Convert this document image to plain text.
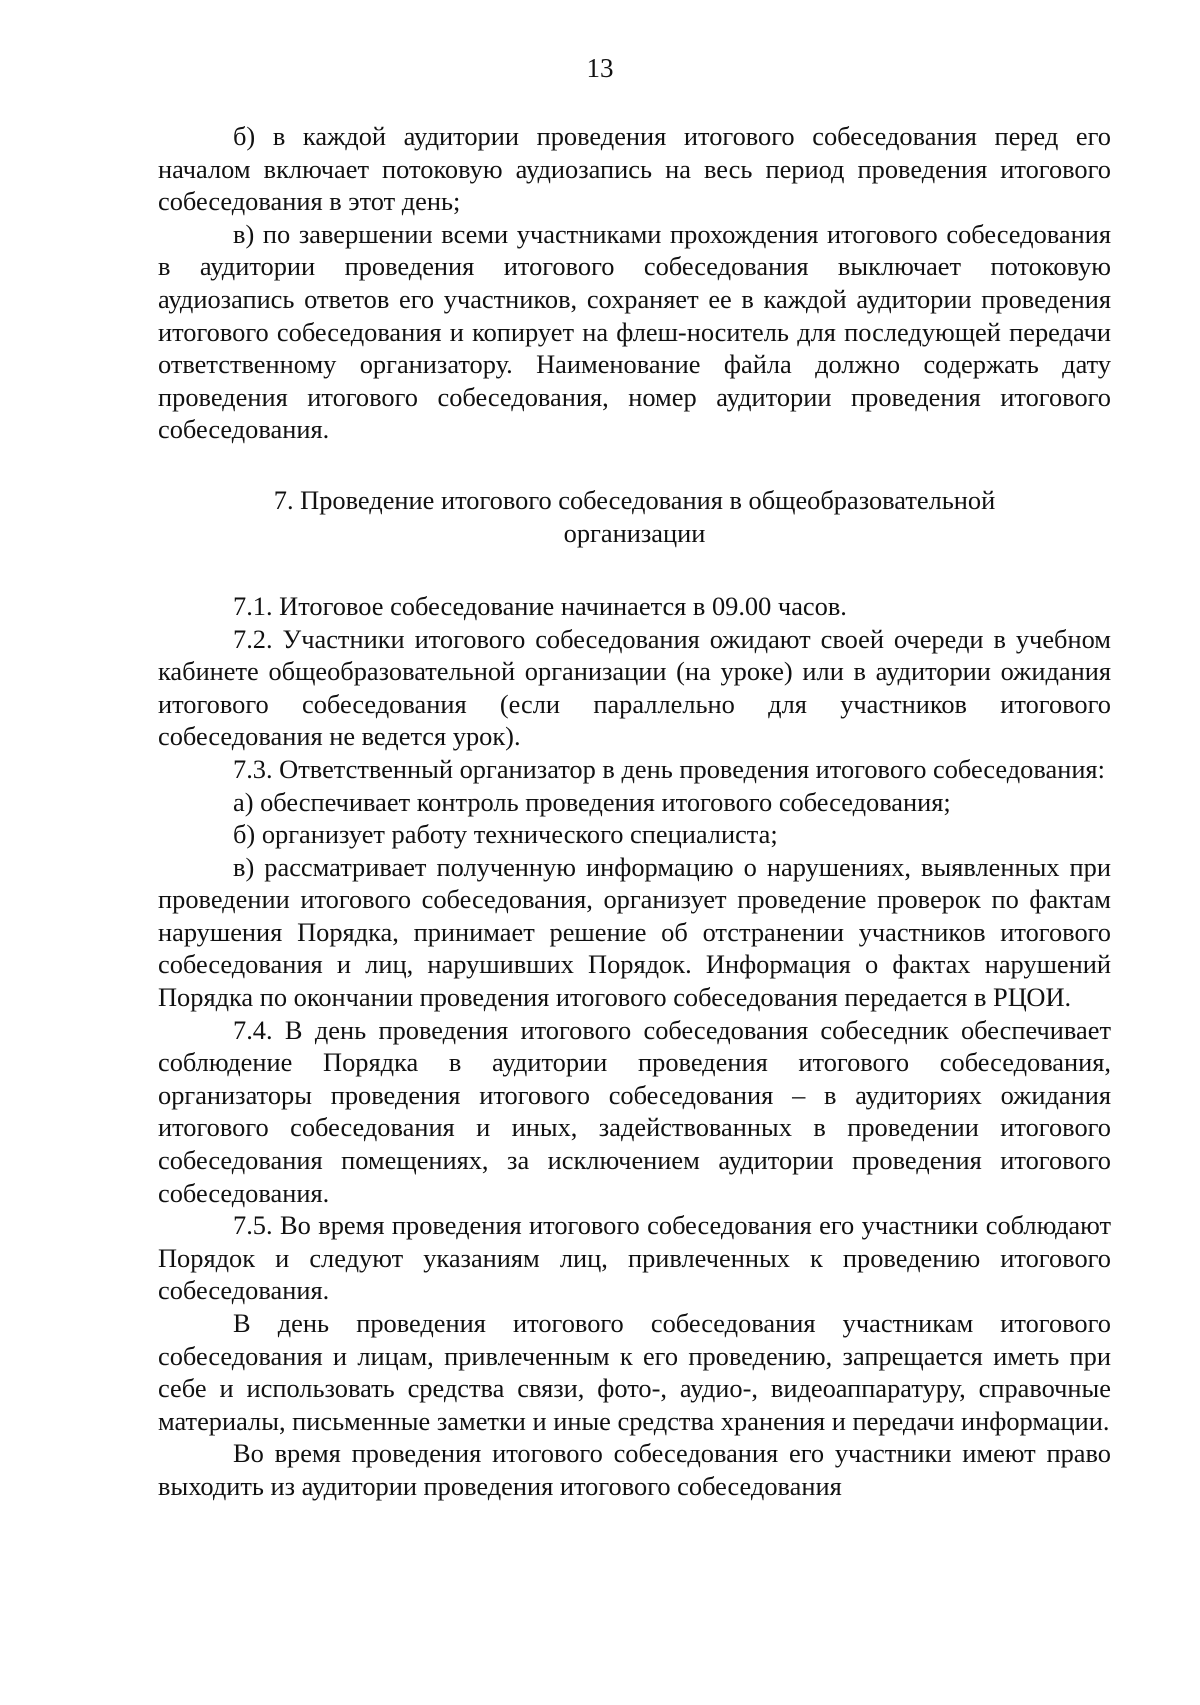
13

б) в каждой аудитории проведения итогового собеседования перед его началом включает потоковую аудиозапись на весь период проведения итогового собеседования в этот день;

в) по завершении всеми участниками прохождения итогового собеседования в аудитории проведения итогового собеседования выключает потоковую аудиозапись ответов его участников, сохраняет ее в каждой аудитории проведения итогового собеседования и копирует на флеш-носитель для последующей передачи ответственному организатору. Наименование файла должно содержать дату проведения итогового собеседования, номер аудитории проведения итогового собеседования.

7. Проведение итогового собеседования в общеобразовательной организации

7.1. Итоговое собеседование начинается в 09.00 часов.

7.2. Участники итогового собеседования ожидают своей очереди в учебном кабинете общеобразовательной организации (на уроке) или в аудитории ожидания итогового собеседования (если параллельно для участников итогового собеседования не ведется урок).

7.3. Ответственный организатор в день проведения итогового собеседования:

а) обеспечивает контроль проведения итогового собеседования;

б) организует работу технического специалиста;

в) рассматривает полученную информацию о нарушениях, выявленных при проведении итогового собеседования, организует проведение проверок по фактам нарушения Порядка, принимает решение об отстранении участников итогового собеседования и лиц, нарушивших Порядок. Информация о фактах нарушений Порядка по окончании проведения итогового собеседования передается в РЦОИ.

7.4. В день проведения итогового собеседования собеседник обеспечивает соблюдение Порядка в аудитории проведения итогового собеседования, организаторы проведения итогового собеседования – в аудиториях ожидания итогового собеседования и иных, задействованных в проведении итогового собеседования помещениях, за исключением аудитории проведения итогового собеседования.

7.5. Во время проведения итогового собеседования его участники соблюдают Порядок и следуют указаниям лиц, привлеченных к проведению итогового собеседования.

В день проведения итогового собеседования участникам итогового собеседования и лицам, привлеченным к его проведению, запрещается иметь при себе и использовать средства связи, фото-, аудио-, видеоаппаратуру, справочные материалы, письменные заметки и иные средства хранения и передачи информации.

Во время проведения итогового собеседования его участники имеют право выходить из аудитории проведения итогового собеседования
